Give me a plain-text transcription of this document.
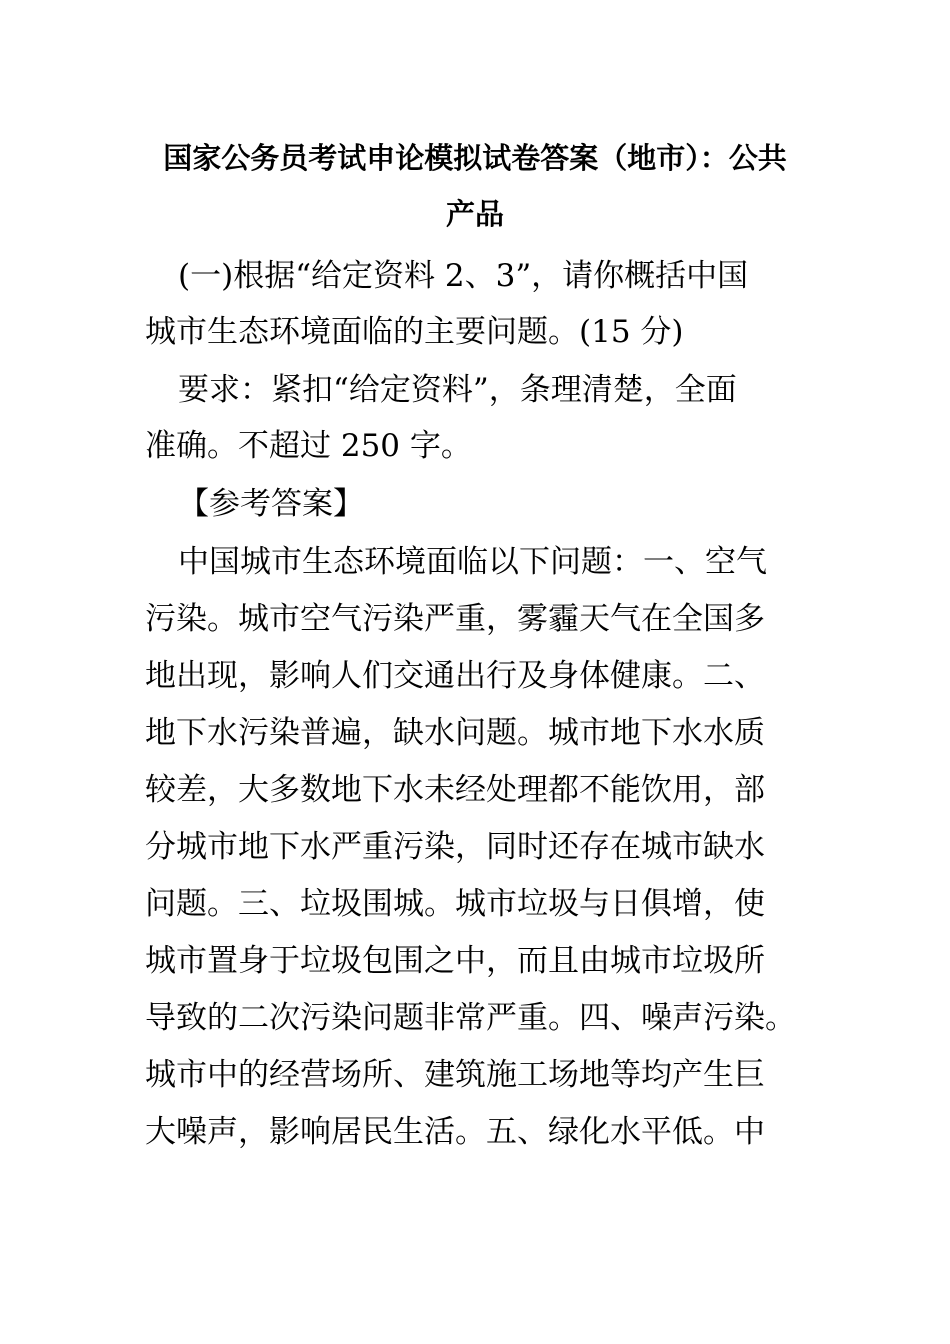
国家公务员考试申论模拟试卷答案（地市）：公共
产品
(一)根据“给定资料 2、3”，请你概括中国
城市生态环境面临的主要问题。(15 分)
要求：紧扣“给定资料”，条理清楚，全面
准确。不超过 250 字。
【参考答案】
中国城市生态环境面临以下问题：一、空气
污染。城市空气污染严重，雾霾天气在全国多
地出现，影响人们交通出行及身体健康。二、
地下水污染普遍，缺水问题。城市地下水水质
较差，大多数地下水未经处理都不能饮用，部
分城市地下水严重污染，同时还存在城市缺水
问题。三、垃圾围城。城市垃圾与日俱增，使
城市置身于垃圾包围之中，而且由城市垃圾所
导致的二次污染问题非常严重。四、噪声污染。
城市中的经营场所、建筑施工场地等均产生巨
大噪声，影响居民生活。五、绿化水平低。中
